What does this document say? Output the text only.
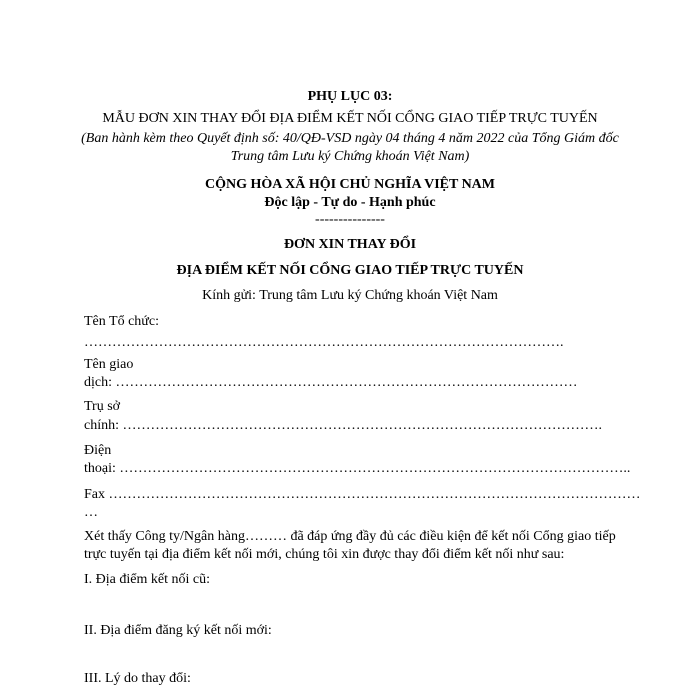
PHỤ LỤC 03:
MẪU ĐƠN XIN THAY ĐỔI ĐỊA ĐIỂM KẾT NỐI CỔNG GIAO TIẾP TRỰC TUYẾN
(Ban hành kèm theo Quyết định số: 40/QĐ-VSD ngày 04 tháng 4 năm 2022 của Tổng Giám đốc
Trung tâm Lưu ký Chứng khoán Việt Nam)
CỘNG HÒA XÃ HỘI CHỦ NGHĨA VIỆT NAM
Độc lập - Tự do - Hạnh phúc
---------------
ĐƠN XIN THAY ĐỔI
ĐỊA ĐIỂM KẾT NỐI CỔNG GIAO TIẾP TRỰC TUYẾN
Kính gửi: Trung tâm Lưu ký Chứng khoán Việt Nam
Tên Tổ chức:
………………………………………………………………………………………….
Tên giao
dịch: ………………………………………………………………………………………
Trụ sở
chính: ………………………………………………………………………………………….
Điện
thoại: ………………………………………………………………………………………………..
Fax ……………………………………………………………………………………………………
…
Xét thấy Công ty/Ngân hàng……… đã đáp ứng đầy đủ các điều kiện để kết nối Cổng giao tiếp
trực tuyến tại địa điểm kết nối mới, chúng tôi xin được thay đổi điểm kết nối như sau:
I. Địa điểm kết nối cũ:
II. Địa điểm đăng ký kết nối mới:
III. Lý do thay đổi:
